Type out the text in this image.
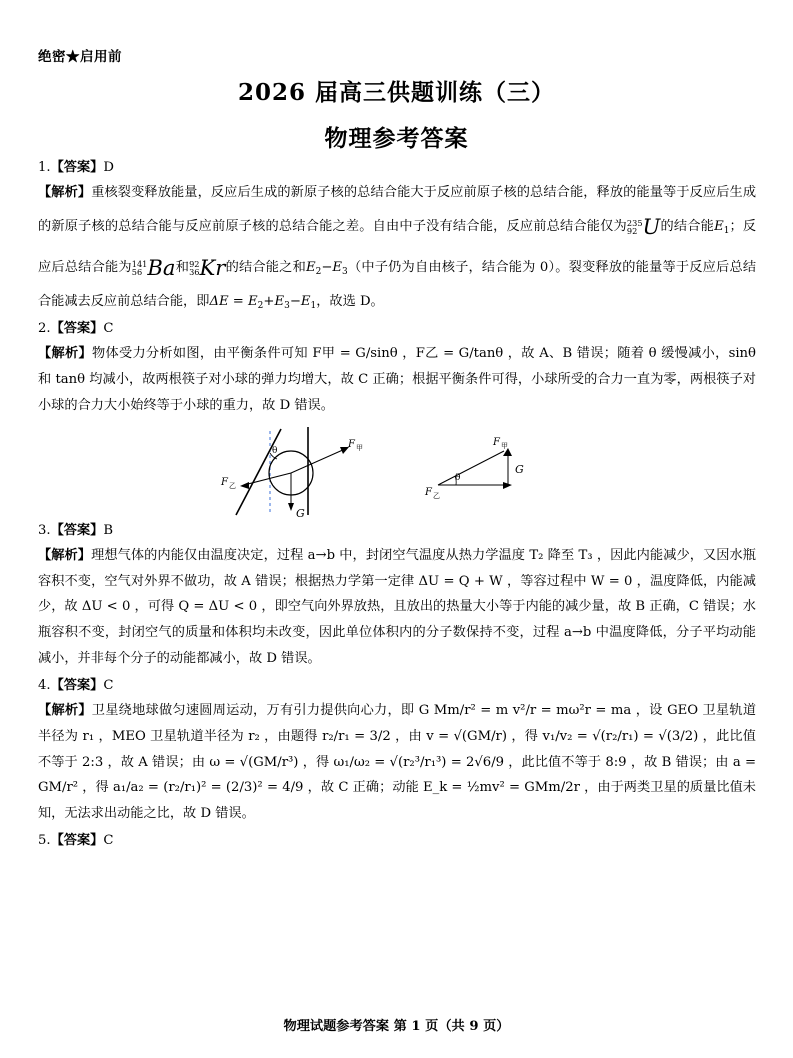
绝密★启用前
2026 届高三供题训练（三）
物理参考答案
1.【答案】D
【解析】重核裂变释放能量，反应后生成的新原子核的总结合能大于反应前原子核的总结合能，释放的能量等于反应后生成的新原子核的总结合能与反应前原子核的总结合能之差。自由中子没有结合能，反应前总结合能仅为 235
92 U的结合能$E_1$；反应后总结合能为 141
56 Ba和 92
36 Kr的结合能之和$E_2-E_3$（中子仍为自由核子，结合能为 0）。裂变释放的能量等于反应后总结合能减去反应前总结合能，即$\Delta E = E_2+E_3-E_1$，故选 D。
2.【答案】C
【解析】物体受力分析如图，由平衡条件可知 F甲 = G/sinθ ，F乙 = G/tanθ ，故 A、B 错误；随着 θ 缓慢减小，sinθ 和 tanθ 均减小，故两根筷子对小球的弹力均增大，故 C 正确；根据平衡条件可得，小球所受的合力一直为零，两根筷子对小球的合力大小始终等于小球的重力，故 D 错误。
G
F 甲
F 乙
θ
F 甲
F 乙
G
θ
3.【答案】B
【解析】理想气体的内能仅由温度决定，过程 a→b 中，封闭空气温度从热力学温度 T₂ 降至 T₃ ，因此内能减少，又因水瓶容积不变，空气对外界不做功，故 A 错误；根据热力学第一定律 ΔU = Q + W ，等容过程中 W = 0 ，温度降低，内能减少，故 ΔU < 0 ，可得 Q = ΔU < 0 ，即空气向外界放热，且放出的热量大小等于内能的减少量，故 B 正确，C 错误；水瓶容积不变，封闭空气的质量和体积均未改变，因此单位体积内的分子数保持不变，过程 a→b 中温度降低，分子平均动能减小，并非每个分子的动能都减小，故 D 错误。
4.【答案】C
【解析】卫星绕地球做匀速圆周运动，万有引力提供向心力，即 G Mm/r² = m v²/r = mω²r = ma ，设 GEO 卫星轨道半径为 r₁ ，MEO 卫星轨道半径为 r₂ ，由题得 r₂/r₁ = 3/2 ，由 v = √(GM/r) ，得 v₁/v₂ = √(r₂/r₁) = √(3/2) ，此比值不等于 2:3 ，故 A 错误；由 ω = √(GM/r³) ，得 ω₁/ω₂ = √(r₂³/r₁³) = 2√6/9 ，此比值不等于 8:9 ，故 B 错误；由 a = GM/r² ，得 a₁/a₂ = (r₂/r₁)² = (2/3)² = 4/9 ，故 C 正确；动能 E_k = ½mv² = GMm/2r ，由于两类卫星的质量比值未知，无法求出动能之比，故 D 错误。
5.【答案】C
物理试题参考答案 第 1 页（共 9 页）
